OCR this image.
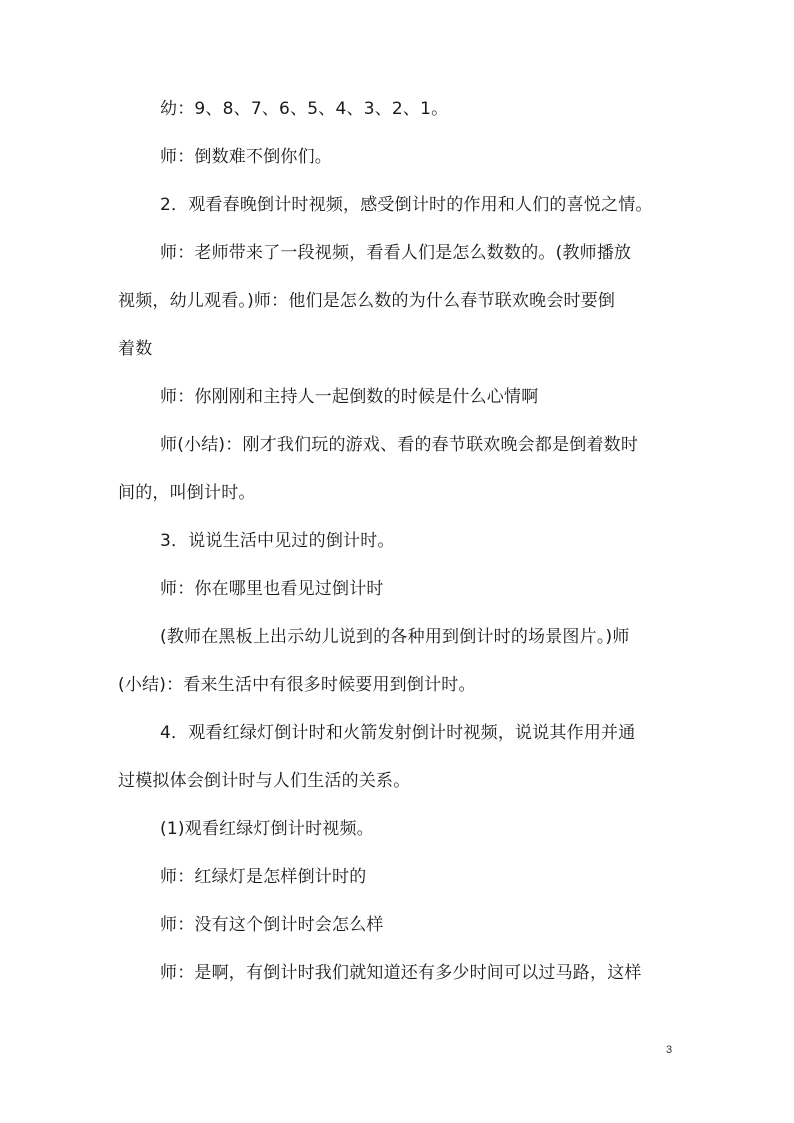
幼：9、8、7、6、5、4、3、2、1。
师：倒数难不倒你们。
2．观看春晚倒计时视频，感受倒计时的作用和人们的喜悦之情。
师：老师带来了一段视频，看看人们是怎么数数的。(教师播放
视频，幼儿观看。)师：他们是怎么数的为什么春节联欢晚会时要倒
着数
师：你刚刚和主持人一起倒数的时候是什么心情啊
师(小结)：刚才我们玩的游戏、看的春节联欢晚会都是倒着数时
间的，叫倒计时。
3．说说生活中见过的倒计时。
师：你在哪里也看见过倒计时
(教师在黑板上出示幼儿说到的各种用到倒计时的场景图片。)师
(小结)：看来生活中有很多时候要用到倒计时。
4．观看红绿灯倒计时和火箭发射倒计时视频，说说其作用并通
过模拟体会倒计时与人们生活的关系。
(1)观看红绿灯倒计时视频。
师：红绿灯是怎样倒计时的
师：没有这个倒计时会怎么样
师：是啊，有倒计时我们就知道还有多少时间可以过马路，这样
3
